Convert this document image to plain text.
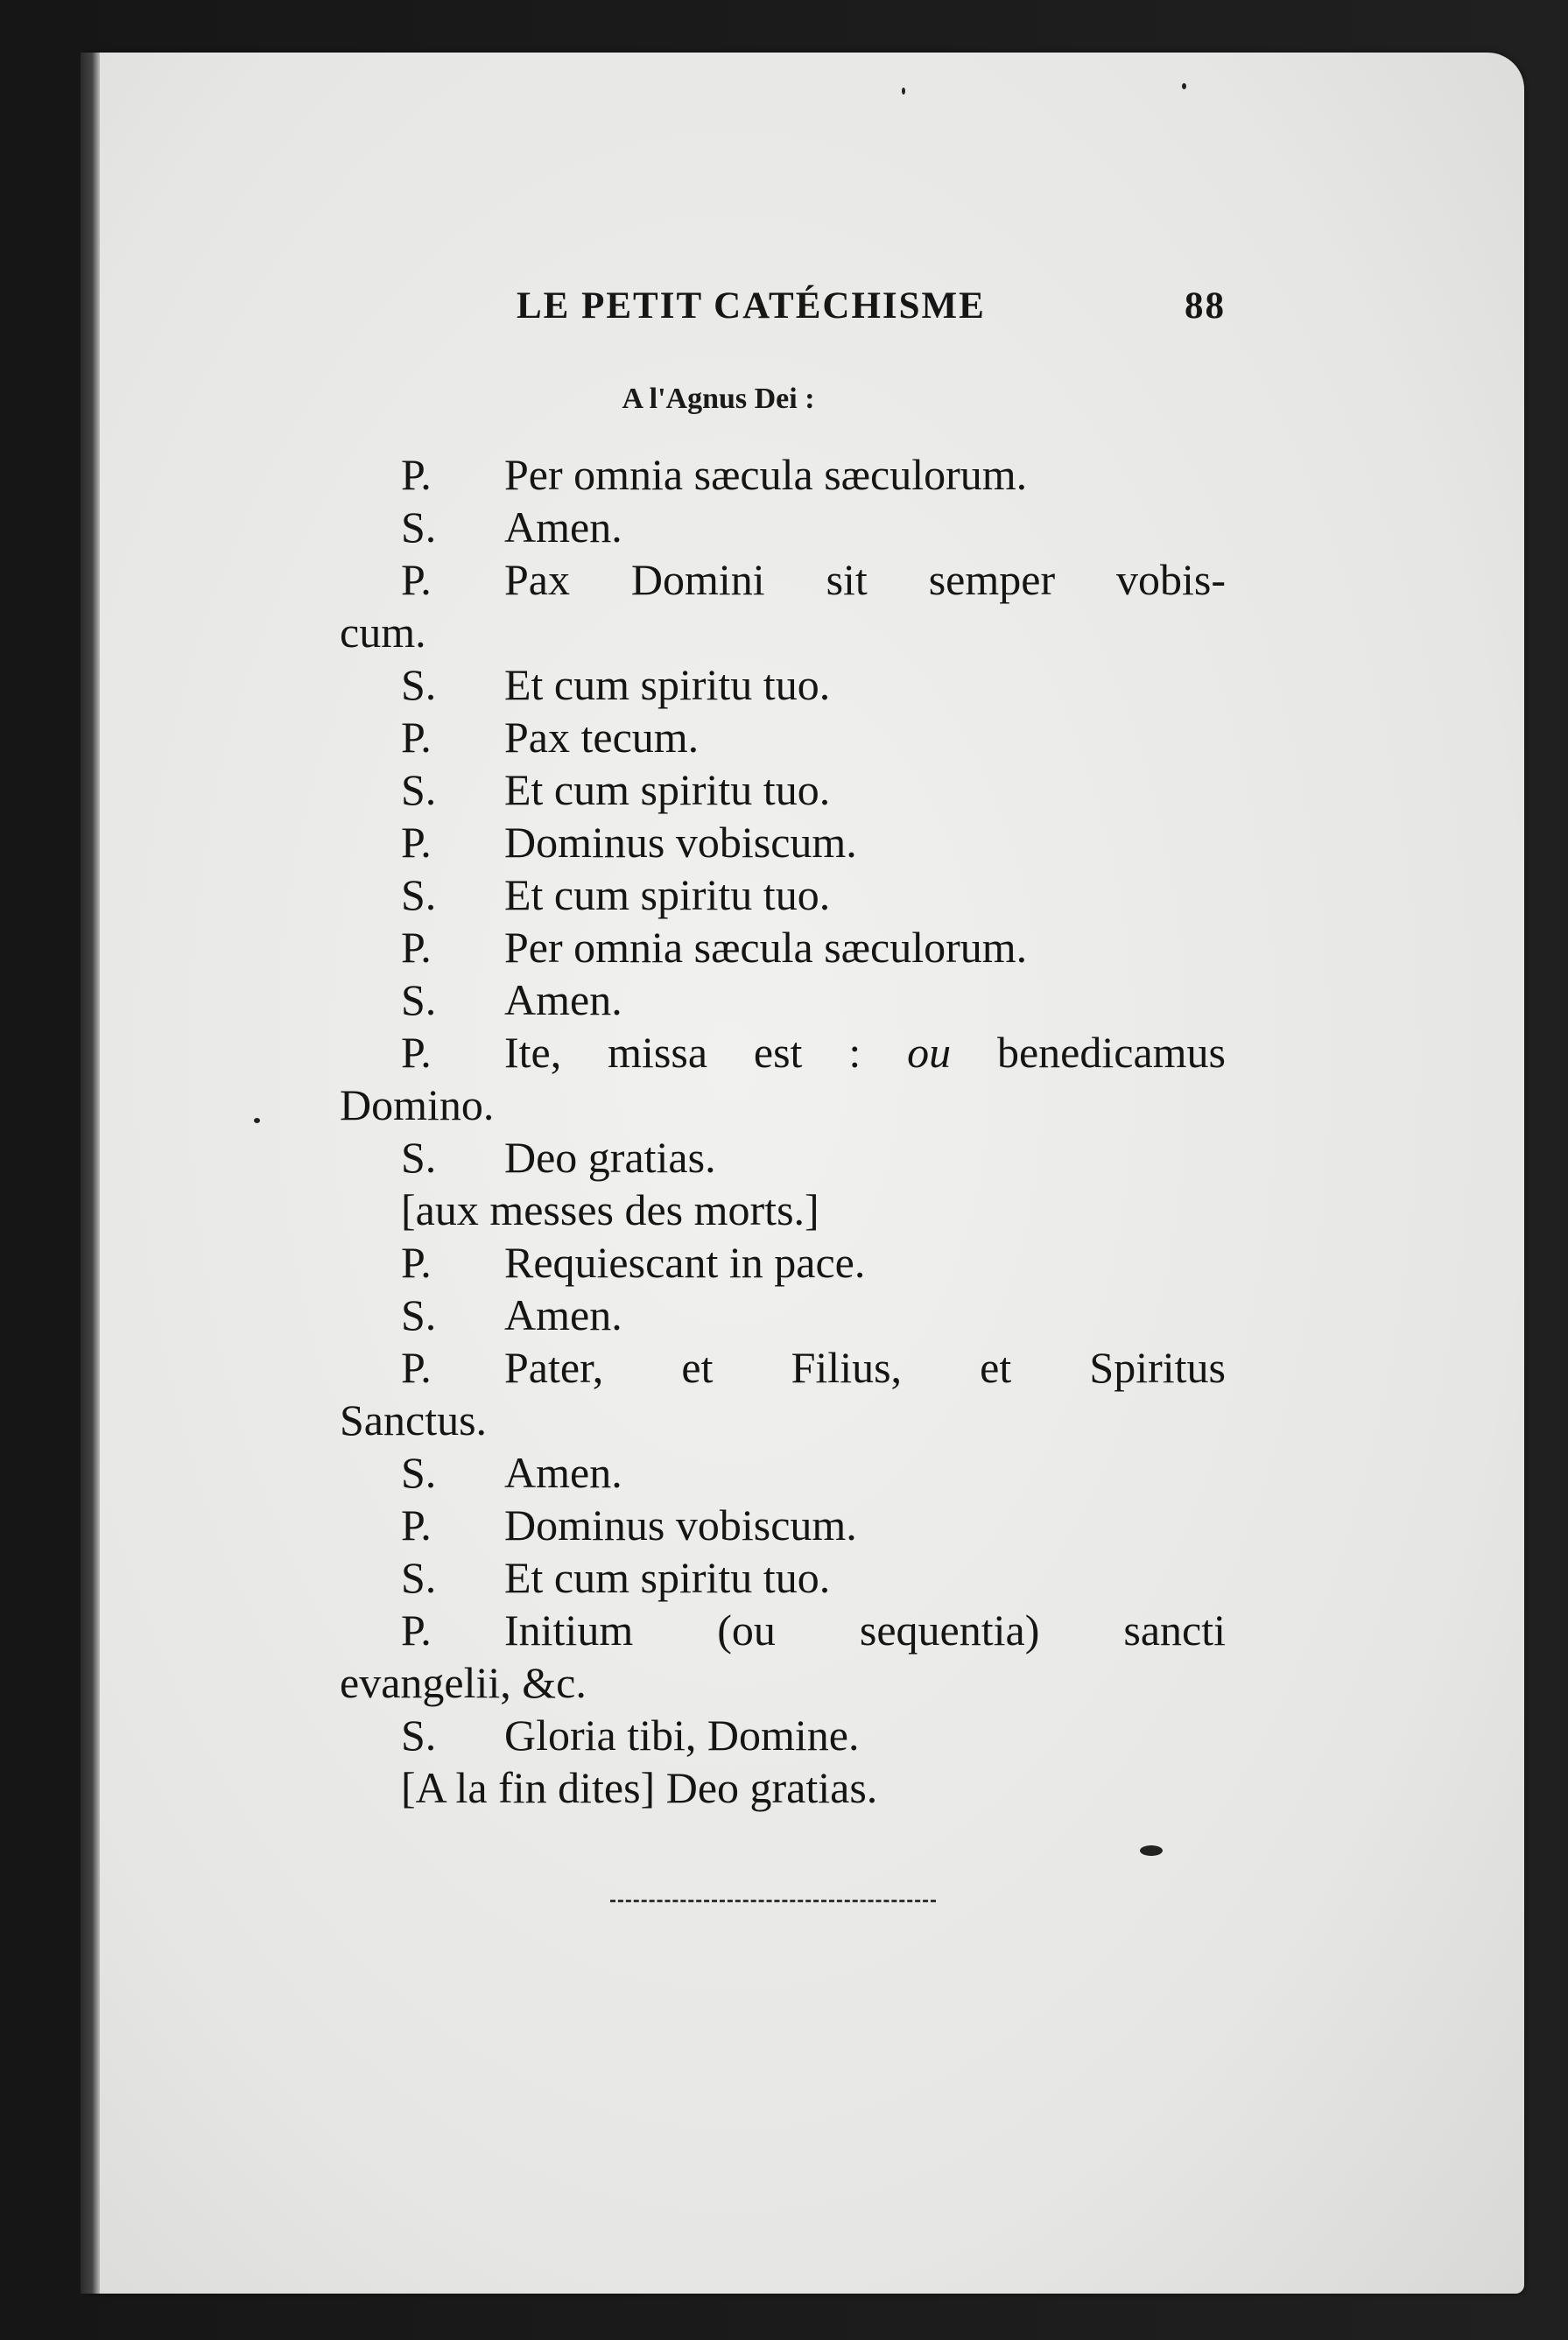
LE PETIT CATÉCHISME	88
A l'Agnus Dei :
P. Per omnia sæcula sæculorum.
S. Amen.
P. Pax Domini sit semper vobis-
cum.
S. Et cum spiritu tuo.
P. Pax tecum.
S. Et cum spiritu tuo.
P. Dominus vobiscum.
S. Et cum spiritu tuo.
P. Per omnia sæcula sæculorum.
S. Amen.
P. Ite, missa est : ou benedicamus
Domino.
S. Deo gratias.
[aux messes des morts.]
P. Requiescant in pace.
S. Amen.
P. Pater, et Filius, et Spiritus
Sanctus.
S. Amen.
P. Dominus vobiscum.
S. Et cum spiritu tuo.
P. Initium (ou sequentia) sancti
evangelii, &c.
S. Gloria tibi, Domine.
[A la fin dites] Deo gratias.
